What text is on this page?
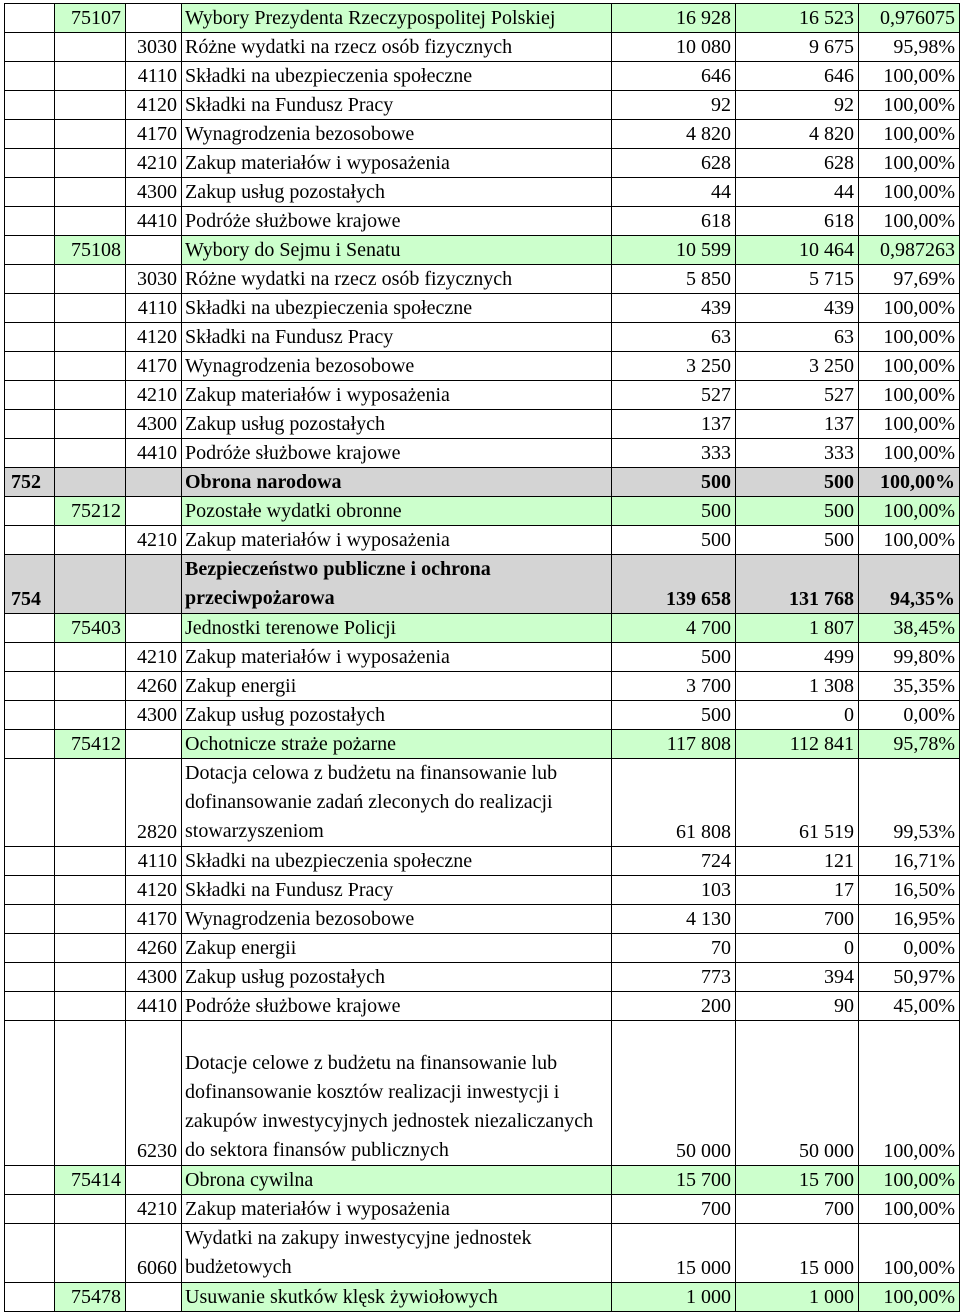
	75107		Wybory Prezydenta Rzeczypospolitej Polskiej	16 928	16 523	0,976075
		3030	Różne wydatki na rzecz osób fizycznych	10 080	9 675	95,98%
		4110	Składki na ubezpieczenia społeczne	646	646	100,00%
		4120	Składki na Fundusz Pracy	92	92	100,00%
		4170	Wynagrodzenia bezosobowe	4 820	4 820	100,00%
		4210	Zakup materiałów i wyposażenia	628	628	100,00%
		4300	Zakup usług pozostałych	44	44	100,00%
		4410	Podróże służbowe krajowe	618	618	100,00%
	75108		Wybory do Sejmu i Senatu	10 599	10 464	0,987263
		3030	Różne wydatki na rzecz osób fizycznych	5 850	5 715	97,69%
		4110	Składki na ubezpieczenia społeczne	439	439	100,00%
		4120	Składki na Fundusz Pracy	63	63	100,00%
		4170	Wynagrodzenia bezosobowe	3 250	3 250	100,00%
		4210	Zakup materiałów i wyposażenia	527	527	100,00%
		4300	Zakup usług pozostałych	137	137	100,00%
		4410	Podróże służbowe krajowe	333	333	100,00%
752			Obrona narodowa	500	500	100,00%
	75212		Pozostałe wydatki obronne	500	500	100,00%
		4210	Zakup materiałów i wyposażenia	500	500	100,00%
754			Bezpieczeństwo publiczne i ochrona przeciwpożarowa	139 658	131 768	94,35%
	75403		Jednostki terenowe Policji	4 700	1 807	38,45%
		4210	Zakup materiałów i wyposażenia	500	499	99,80%
		4260	Zakup energii	3 700	1 308	35,35%
		4300	Zakup usług pozostałych	500	0	0,00%
	75412		Ochotnicze straże pożarne	117 808	112 841	95,78%
		2820	Dotacja celowa z budżetu na finansowanie lub dofinansowanie zadań zleconych do realizacji stowarzyszeniom	61 808	61 519	99,53%
		4110	Składki na ubezpieczenia społeczne	724	121	16,71%
		4120	Składki na Fundusz Pracy	103	17	16,50%
		4170	Wynagrodzenia bezosobowe	4 130	700	16,95%
		4260	Zakup energii	70	0	0,00%
		4300	Zakup usług pozostałych	773	394	50,97%
		4410	Podróże służbowe krajowe	200	90	45,00%
		6230	Dotacje celowe z budżetu na finansowanie lub dofinansowanie kosztów realizacji inwestycji i zakupów inwestycyjnych jednostek niezaliczanych do sektora finansów publicznych	50 000	50 000	100,00%
	75414		Obrona cywilna	15 700	15 700	100,00%
		4210	Zakup materiałów i wyposażenia	700	700	100,00%
		6060	Wydatki na zakupy inwestycyjne jednostek budżetowych	15 000	15 000	100,00%
	75478		Usuwanie skutków klęsk żywiołowych	1 000	1 000	100,00%
